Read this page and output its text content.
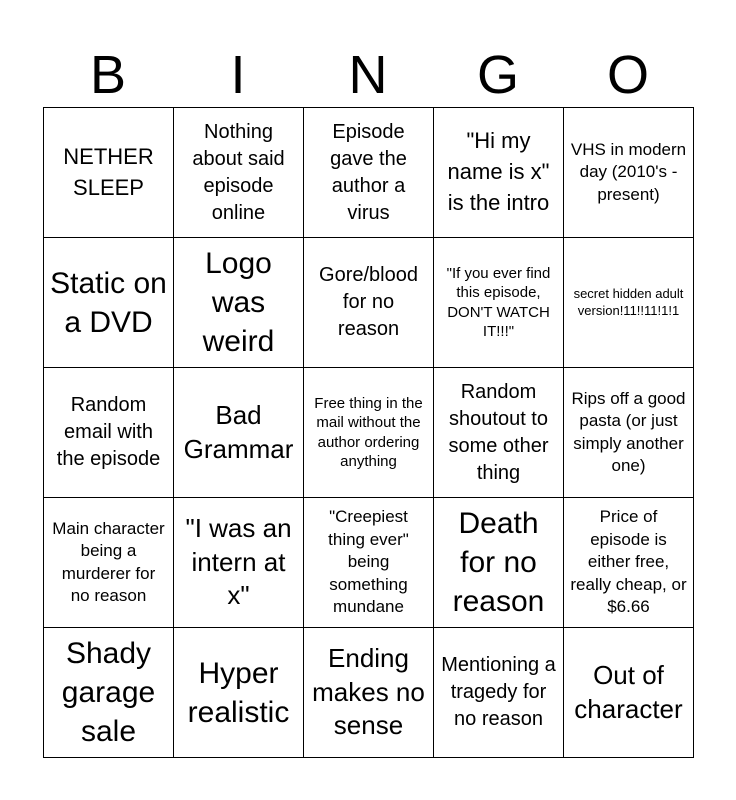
B	I	N	G	O
NETHER SLEEP
Nothing about said episode online
Episode gave the author a virus
"Hi my name is x" is the intro
VHS in modern day (2010's - present)
Static on a DVD
Logo was weird
Gore/blood for no reason
"If you ever find this episode, DON'T WATCH IT!!!"
secret hidden adult version!11!!11!1!1
Random email with the episode
Bad Grammar
Free thing in the mail without the author ordering anything
Random shoutout to some other thing
Rips off a good pasta (or just simply another one)
Main character being a murderer for no reason
"I was an intern at x"
"Creepiest thing ever" being something mundane
Death for no reason
Price of episode is either free, really cheap, or $6.66
Shady garage sale
Hyper realistic
Ending makes no sense
Mentioning a tragedy for no reason
Out of character
